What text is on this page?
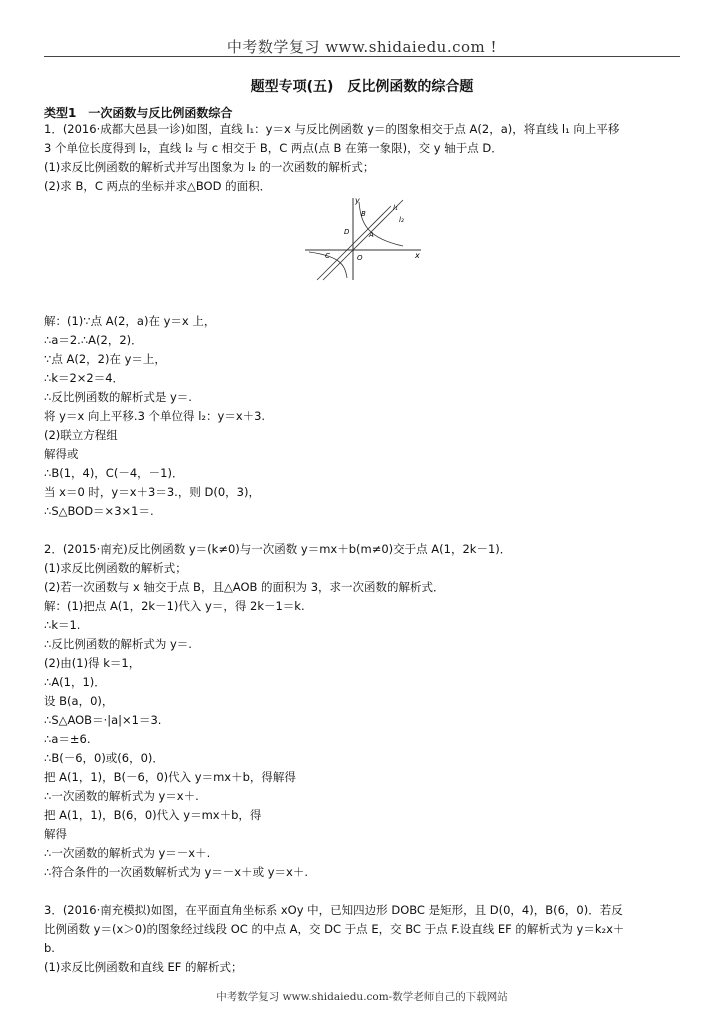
中考数学复习 www.shidaiedu.com !
题型专项(五)　反比例函数的综合题
类型1　一次函数与反比例函数综合
1．(2016·成都大邑县一诊)如图，直线 l₁：y＝x 与反比例函数 y＝的图象相交于点 A(2，a)，将直线 l₁ 向上平移
3 个单位长度得到 l₂，直线 l₂ 与 c 相交于 B，C 两点(点 B 在第一象限)，交 y 轴于点 D．
(1)求反比例函数的解析式并写出图象为 l₂ 的一次函数的解析式；
(2)求 B，C 两点的坐标并求△BOD 的面积．
y
x
O
A
B
C
D
l₁
l₂
解：(1)∵点 A(2，a)在 y＝x 上，
∴a＝2.∴A(2，2)．
∵点 A(2，2)在 y＝上，
∴k＝2×2＝4．
∴反比例函数的解析式是 y＝.
将 y＝x 向上平移.3 个单位得 l₂：y＝x＋3.
(2)联立方程组
解得或
∴B(1，4)，C(－4，－1)．
当 x＝0 时，y＝x＋3＝3.，则 D(0，3)，
∴S△BOD＝×3×1＝.
2．(2015·南充)反比例函数 y＝(k≠0)与一次函数 y＝mx＋b(m≠0)交于点 A(1，2k－1)．
(1)求反比例函数的解析式；
(2)若一次函数与 x 轴交于点 B，且△AOB 的面积为 3，求一次函数的解析式．
解：(1)把点 A(1，2k－1)代入 y＝，得 2k－1＝k.
∴k＝1.
∴反比例函数的解析式为 y＝.
(2)由(1)得 k＝1，
∴A(1，1)．
设 B(a，0)，
∴S△AOB＝·|a|×1＝3.
∴a＝±6.
∴B(－6，0)或(6，0)．
把 A(1，1)，B(－6，0)代入 y＝mx＋b，得解得
∴一次函数的解析式为 y＝x＋.
把 A(1，1)，B(6，0)代入 y＝mx＋b，得
解得
∴一次函数的解析式为 y＝－x＋.
∴符合条件的一次函数解析式为 y＝－x＋或 y＝x＋.
3．(2016·南充模拟)如图，在平面直角坐标系 xOy 中，已知四边形 DOBC 是矩形，且 D(0，4)，B(6，0)．若反
比例函数 y＝(x＞0)的图象经过线段 OC 的中点 A，交 DC 于点 E，交 BC 于点 F.设直线 EF 的解析式为 y＝k₂x＋
b.
(1)求反比例函数和直线 EF 的解析式；
中考数学复习 www.shidaiedu.com-数学老师自己的下载网站
